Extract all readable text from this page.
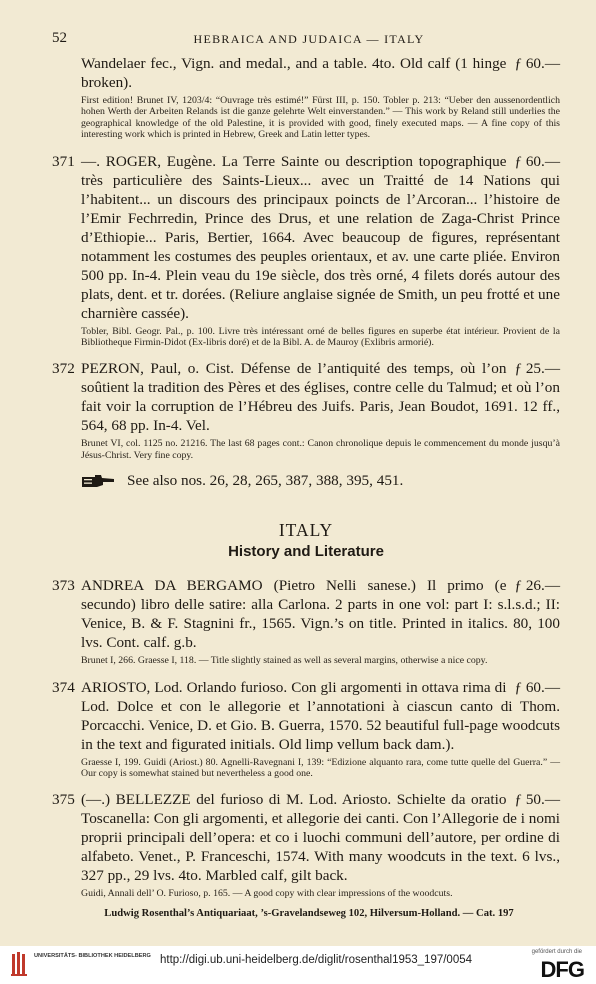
52	HEBRAICA AND JUDAICA — ITALY
ƒ 60.—
Wandelaer fec., Vign. and medal., and a table. 4to. Old calf (1 hinge broken).
First edition! Brunet IV, 1203/4: “Ouvrage très estimé!” Fürst III, p. 150. Tobler p. 213: “Ueber den aussenordentlich hohen Werth der Arbeiten Relands ist die ganze gelehrte Welt einverstanden.” — This work by Reland still underlies the geographical knowledge of the old Palestine, it is provided with good, finely executed maps. — A fine copy of this interesting work which is printed in Hebrew, Greek and Latin letter types.
371	ƒ 60.—
—. ROGER, Eugène. La Terre Sainte ou description topographique très particulière des Saints-Lieux... avec un Traitté de 14 Nations qui l’habitent... un discours des principaux poincts de l’Arcoran... l’histoire de l’Emir Fechrredin, Prince des Drus, et une relation de Zaga-Christ Prince d’Ethiopie... Paris, Bertier, 1664. Avec beaucoup de figures, représentant notamment les costumes des peuples orientaux, et av. une carte pliée. Environ 500 pp. In-4. Plein veau du 19e siècle, dos très orné, 4 filets dorés autour des plats, dent. et tr. dorées. (Reliure anglaise signée de Smith, un peu frotté et une charnière cassée).
Tobler, Bibl. Geogr. Pal., p. 100. Livre très intéressant orné de belles figures en superbe état intérieur. Provient de la Bibliotheque Firmin-Didot (Ex-libris doré) et de la Bibl. A. de Mauroy (Exlibris armorié).
372	ƒ 25.—
PEZRON, Paul, o. Cist. Défense de l’antiquité des temps, où l’on soûtient la tradition des Pères et des églises, contre celle du Talmud; et où l’on fait voir la corruption de l’Hébreu des Juifs. Paris, Jean Boudot, 1691. 12 ff., 564, 68 pp. In-4. Vel.
Brunet VI, col. 1125 no. 21216. The last 68 pages cont.: Canon chronolique depuis le commencement du monde jusqu’à Jésus-Christ. Very fine copy.
See also nos. 26, 28, 265, 387, 388, 395, 451.
ITALY
History and Literature
373	ƒ 26.—
ANDREA DA BERGAMO (Pietro Nelli sanese.) Il primo (e secundo) libro delle satire: alla Carlona. 2 parts in one vol: part I: s.l.s.d.; II: Venice, B. & F. Stagnini fr., 1565. Vign.’s on title. Printed in italics. 80, 100 lvs. Cont. calf. g.b.
Brunet I, 266. Graesse I, 118. — Title slightly stained as well as several margins, otherwise a nice copy.
374	ƒ 60.—
ARIOSTO, Lod. Orlando furioso. Con gli argomenti in ottava rima di Lod. Dolce et con le allegorie et l’annotationi à ciascun canto di Thom. Porcacchi. Venice, D. et Gio. B. Guerra, 1570. 52 beautiful full-page woodcuts in the text and figurated initials. Old limp vellum back dam.).
Graesse I, 199. Guidi (Ariost.) 80. Agnelli-Ravegnani I, 139: “Edizione alquanto rara, come tutte quelle del Guerra.” — Our copy is somewhat stained but nevertheless a good one.
375	ƒ 50.—
(—.) BELLEZZE del furioso di M. Lod. Ariosto. Schielte da oratio Toscanella: Con gli argomenti, et allegorie dei canti. Con l’Allegorie de i nomi proprii principali dell’opera: et co i luochi communi dell’autore, per ordine di alfabeto. Venet., P. Franceschi, 1574. With many woodcuts in the text. 6 lvs., 327 pp., 29 lvs. 4to. Marbled calf, gilt back.
Guidi, Annali dell’ O. Furioso, p. 165. — A good copy with clear impressions of the woodcuts.
Ludwig Rosenthal’s Antiquariaat, ’s-Gravelandseweg 102, Hilversum-Holland. — Cat. 197
UNIVERSITÄTS- BIBLIOTHEK HEIDELBERG http://digi.ub.uni-heidelberg.de/diglit/rosenthal1953_197/0054
gefördert durch die
DFG
